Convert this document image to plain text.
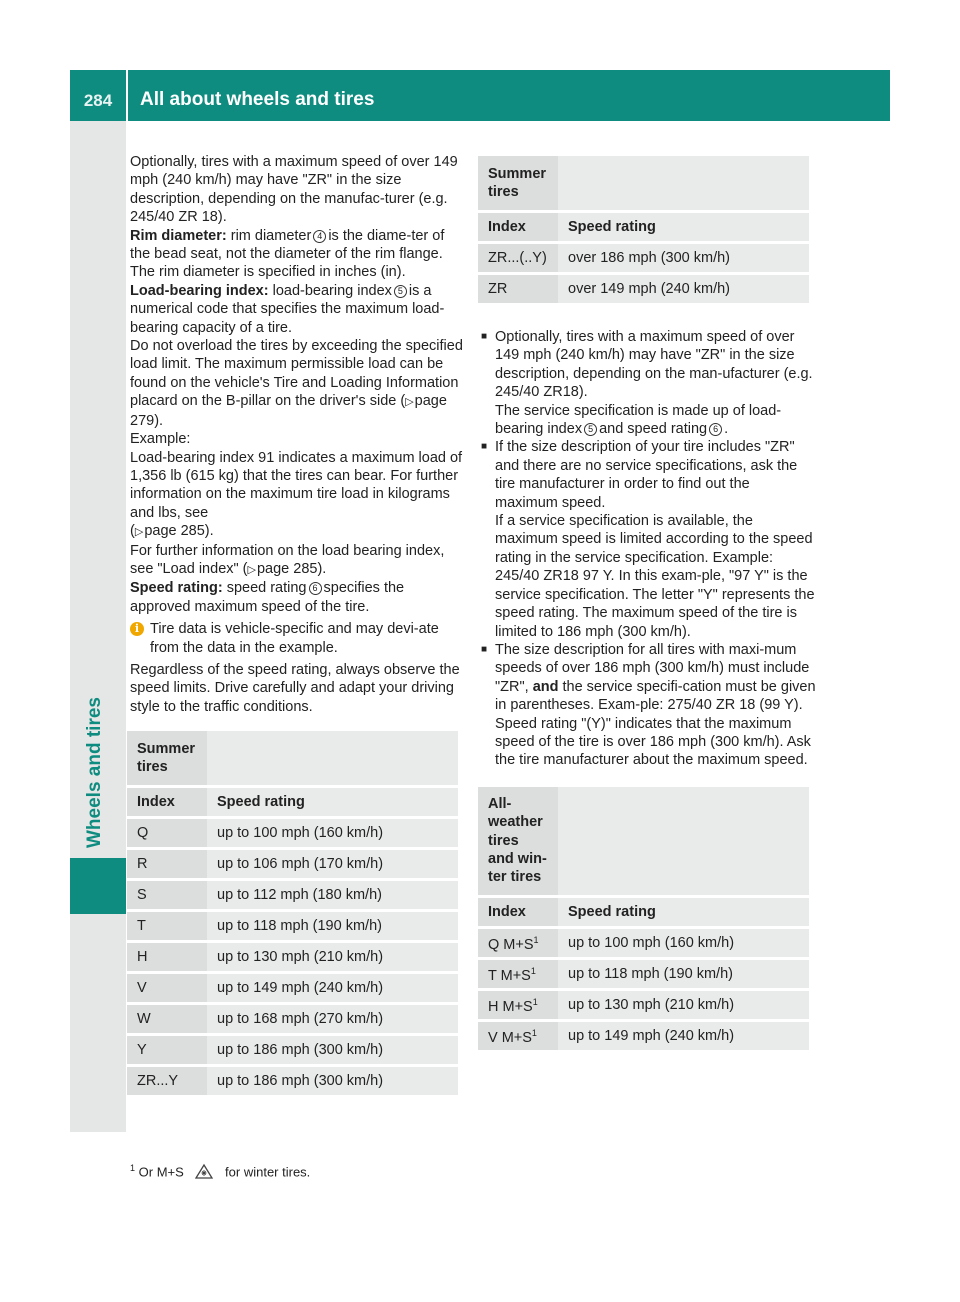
284	All about wheels and tires
Wheels and tires

Optionally, tires with a maximum speed of over 149 mph (240 km/h) may have "ZR" in the size description, depending on the manufac-turer (e.g. 245/40 ZR 18).

Rim diameter: rim diameter 4 is the diame-ter of the bead seat, not the diameter of the rim flange. The rim diameter is specified in inches (in).

Load-bearing index: load-bearing index 5 is a numerical code that specifies the maximum load-bearing capacity of a tire.

Do not overload the tires by exceeding the specified load limit. The maximum permissible load can be found on the vehicle's Tire and Loading Information placard on the B-pillar on the driver's side (▷page 279).

Example:

Load-bearing index 91 indicates a maximum load of 1,356 lb (615 kg) that the tires can bear. For further information on the maximum tire load in kilograms and lbs, see
(▷page 285).

For further information on the load bearing index, see "Load index" (▷page 285).

Speed rating: speed rating 6 specifies the approved maximum speed of the tire.

i Tire data is vehicle-specific and may devi-ate from the data in the example.

Regardless of the speed rating, always observe the speed limits. Drive carefully and adapt your driving style to the traffic conditions.

Summer tires	
Index	Speed rating
Q	up to 100 mph (160 km/h)
R	up to 106 mph (170 km/h)
S	up to 112 mph (180 km/h)
T	up to 118 mph (190 km/h)
H	up to 130 mph (210 km/h)
V	up to 149 mph (240 km/h)
W	up to 168 mph (270 km/h)
Y	up to 186 mph (300 km/h)
ZR...Y	up to 186 mph (300 km/h)
Summer tires	
Index	Speed rating
ZR...(..Y)	over 186 mph (300 km/h)
ZR	over 149 mph (240 km/h)
■ Optionally, tires with a maximum speed of over 149 mph (240 km/h) may have "ZR" in the size description, depending on the man-ufacturer (e.g. 245/40 ZR18).

The service specification is made up of load-bearing index 5 and speed rating 6 .

■ If the size description of your tire includes "ZR" and there are no service specifications, ask the tire manufacturer in order to find out the maximum speed.

If a service specification is available, the maximum speed is limited according to the speed rating in the service specification. Example: 245/40 ZR18 97 Y. In this exam-ple, "97 Y" is the service specification. The letter "Y" represents the speed rating. The maximum speed of the tire is limited to 186 mph (300 km/h).

■ The size description for all tires with maxi-mum speeds of over 186 mph (300 km/h) must include "ZR", and the service specifi-cation must be given in parentheses. Exam-ple: 275/40 ZR 18 (99 Y). Speed rating "(Y)" indicates that the maximum speed of the tire is over 186 mph (300 km/h). Ask the tire manufacturer about the maximum speed.

All-weather tires and win-ter tires	
Index	Speed rating
Q $M+S^1$	up to 100 mph (160 km/h)
T $M+S^1$	up to 118 mph (190 km/h)
H $M+S^1$	up to 130 mph (210 km/h)
V $M+S^1$	up to 149 mph (240 km/h)
$^1$ Or M+S	for winter tires.
